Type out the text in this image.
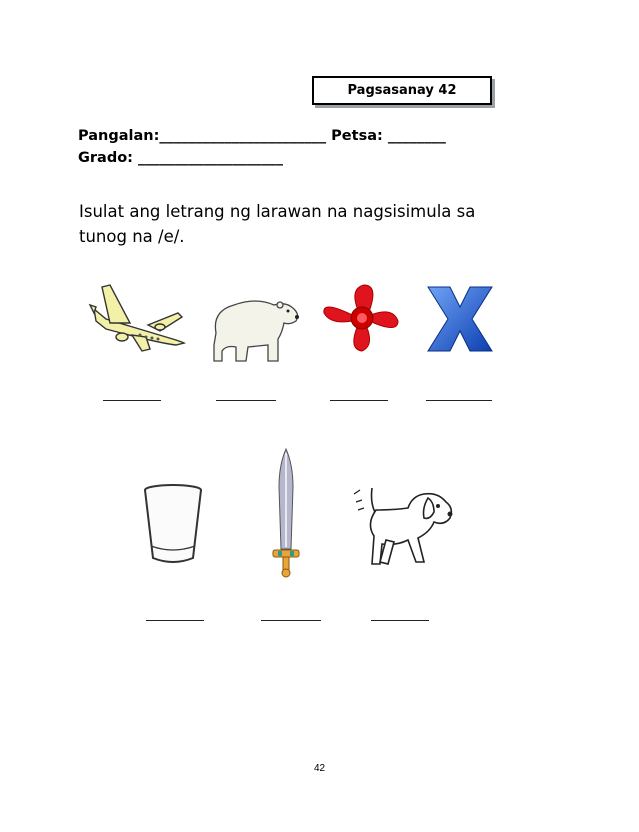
Pagsasanay 42
Pangalan:_______________________ Petsa: ________
Grado: ____________________
Isulat ang letrang ng larawan na nagsisimula sa tunog na /e/.
42
